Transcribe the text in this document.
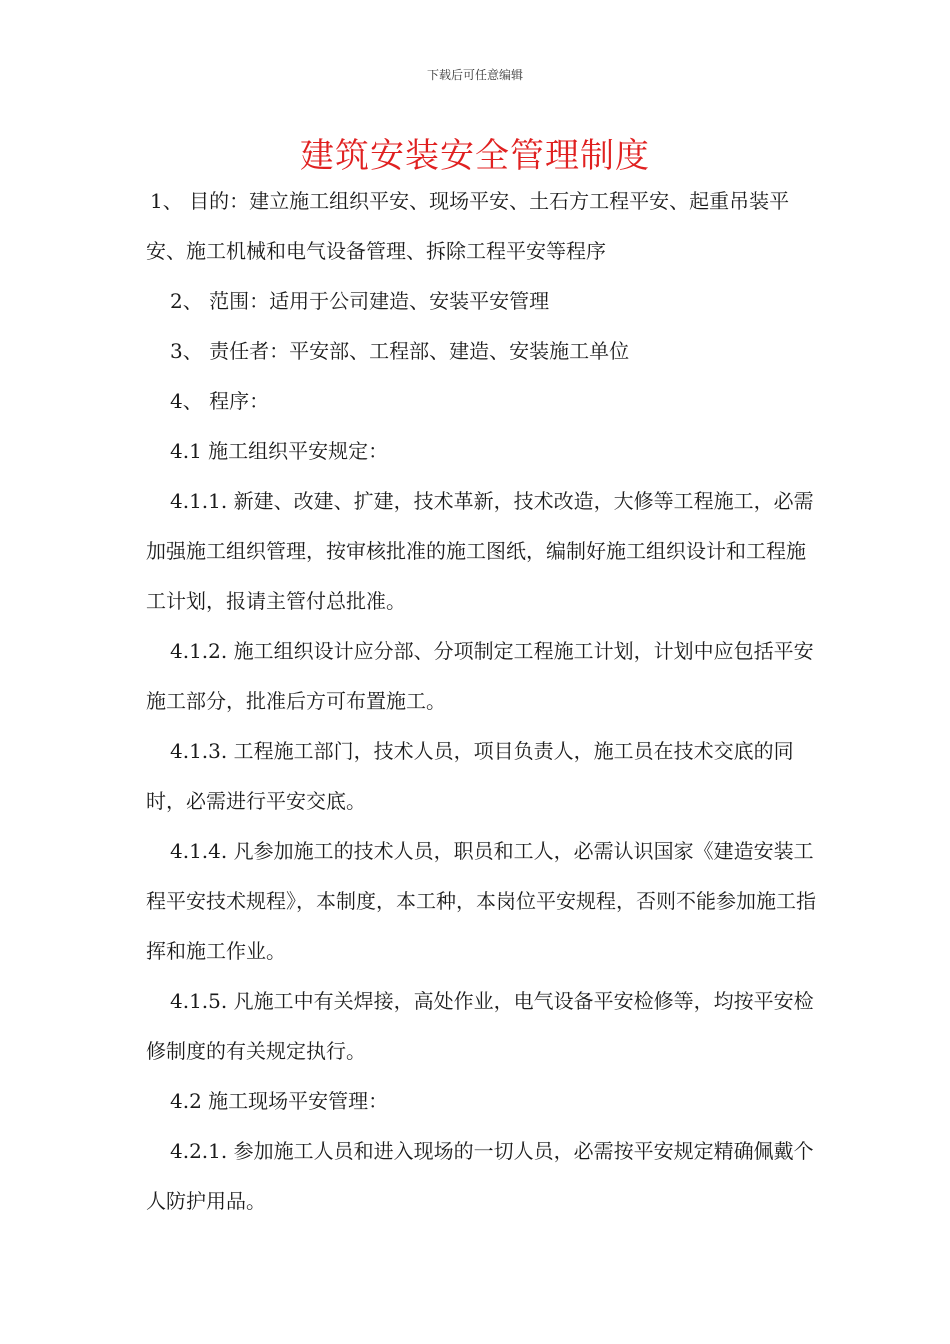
下载后可任意编辑
建筑安装安全管理制度

1、 目的：建立施工组织平安、现场平安、土石方工程平安、起重吊装平安、施工机械和电气设备管理、拆除工程平安等程序

2、 范围：适用于公司建造、安装平安管理

3、 责任者：平安部、工程部、建造、安装施工单位

4、 程序：

4.1 施工组织平安规定：

4.1.1. 新建、改建、扩建，技术革新，技术改造，大修等工程施工，必需加强施工组织管理，按审核批准的施工图纸，编制好施工组织设计和工程施工计划，报请主管付总批准。

4.1.2. 施工组织设计应分部、分项制定工程施工计划，计划中应包括平安施工部分，批准后方可布置施工。

4.1.3. 工程施工部门，技术人员，项目负责人，施工员在技术交底的同时，必需进行平安交底。

4.1.4. 凡参加施工的技术人员，职员和工人，必需认识国家《建造安装工程平安技术规程》，本制度，本工种，本岗位平安规程，否则不能参加施工指挥和施工作业。

4.1.5. 凡施工中有关焊接，高处作业，电气设备平安检修等，均按平安检修制度的有关规定执行。

4.2 施工现场平安管理：

4.2.1. 参加施工人员和进入现场的一切人员，必需按平安规定精确佩戴个人防护用品。
